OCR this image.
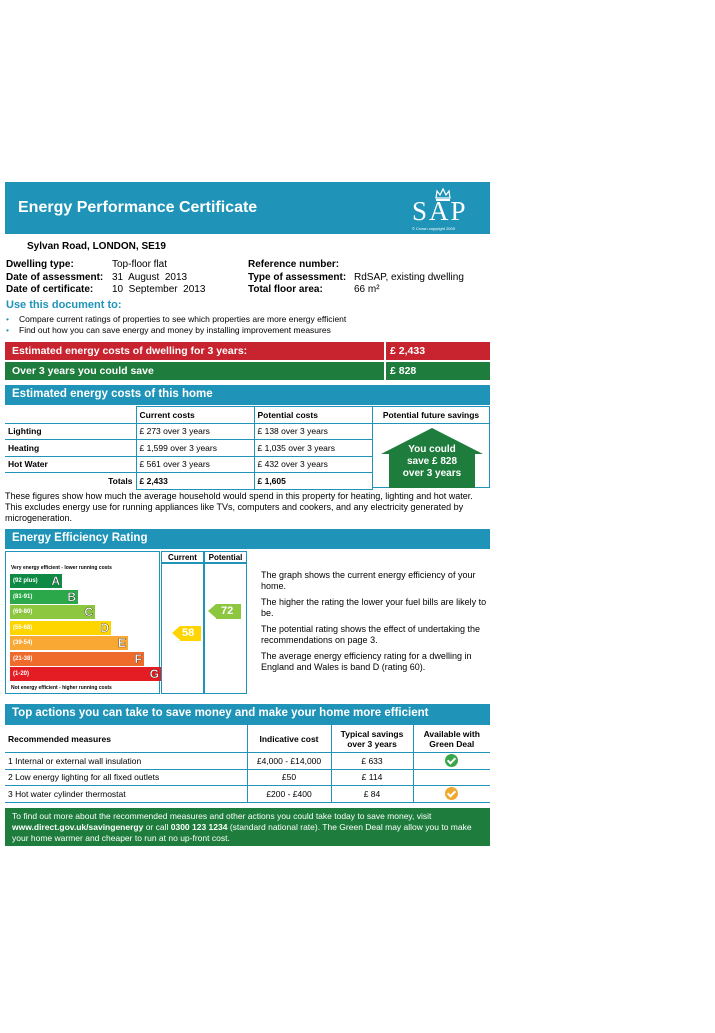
Energy Performance Certificate	SAP
© Crown copyright 2009
Sylvan Road, LONDON, SE19
Dwelling type:	Top-floor flat
Date of assessment: 31  August  2013
Date of certificate: 10  September  2013
Reference number:
Type of assessment: RdSAP, existing dwelling
Total floor area:	66 m²
Use this document to:
• Compare current ratings of properties to see which properties are more energy efficient
• Find out how you can save energy and money by installing improvement measures
Estimated energy costs of dwelling for 3 years:	£ 2,433
Over 3 years you could save	£ 828
Estimated energy costs of this home
	Current costs	Potential costs
Lighting	£ 273 over 3 years	£ 138 over 3 years
Heating	£ 1,599 over 3 years	£ 1,035 over 3 years
Hot Water	£ 561 over 3 years	£ 432 over 3 years
Totals	£ 2,433	£ 1,605
Potential future savings
You could
save £ 828
over 3 years
These figures show how much the average household would spend in this property for heating, lighting and hot water. This excludes energy use for running appliances like TVs, computers and cookers, and any electricity generated by microgeneration.
Energy Efficiency Rating
Very energy efficient - lower running costs
(92 plus) A
(81-91)	B
(69-80)	C
(55-68)	D
(39-54)	E
(21-38)	F
(1-20)	G
Not energy efficient - higher running costs
Current	Potential
58
72

The graph shows the current energy efficiency of your home.

The higher the rating the lower your fuel bills are likely to be.

The potential rating shows the effect of undertaking the recommendations on page 3.

The average energy efficiency rating for a dwelling in England and Wales is band D (rating 60).

Top actions you can take to save money and make your home more efficient
Recommended measures	Indicative cost	Typical savings over 3 years	Available with Green Deal
1 Internal or external wall insulation	£4,000 - £14,000	£ 633	
2 Low energy lighting for all fixed outlets	£50	£ 114	
3 Hot water cylinder thermostat	£200 - £400	£ 84	
To find out more about the recommended measures and other actions you could take today to save money, visit
www.direct.gov.uk/savingenergy or call 0300 123 1234 (standard national rate). The Green Deal may allow you to make your home warmer and cheaper to run at no up-front cost.
